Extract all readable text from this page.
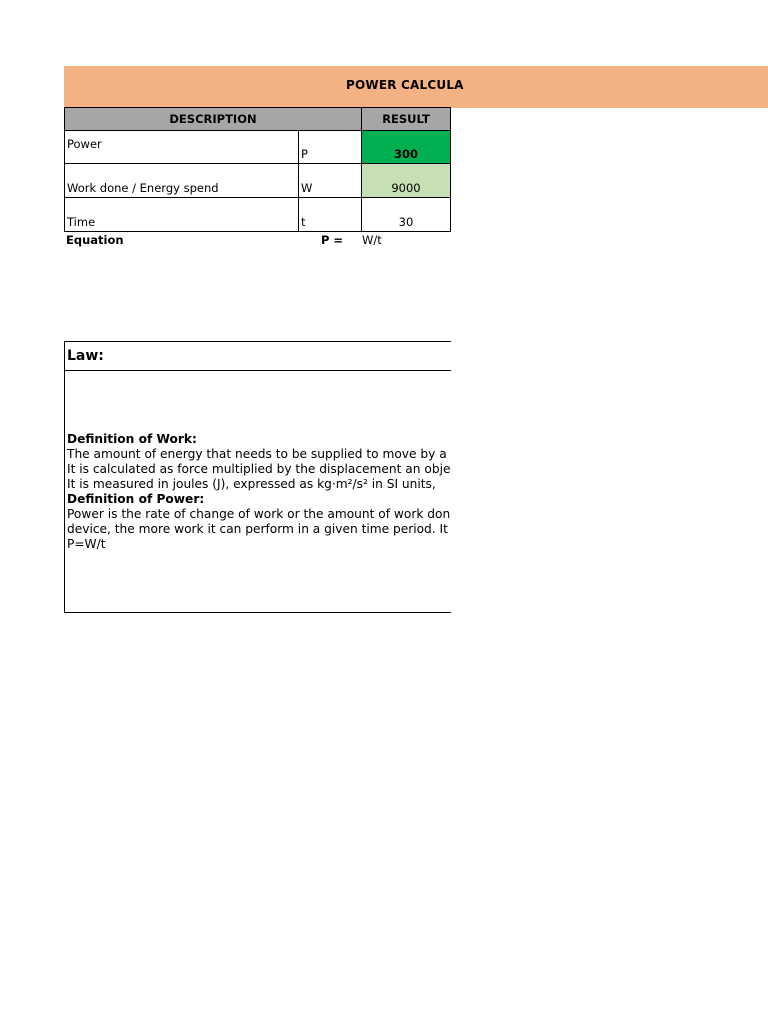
POWER CALCULA
DESCRIPTION		RESULT
Power	P	300
Work done / Energy spend	W	9000
Time	t	30
Equation	P = W/t
Law:
Definition of Work:
The amount of energy that needs to be supplied to move by a
It is calculated as force multiplied by the displacement an obje
It is measured in joules (J), expressed as kg·m²/s² in SI units,
Definition of Power:
Power is the rate of change of work or the amount of work don
device, the more work it can perform in a given time period. It
P=W/t
